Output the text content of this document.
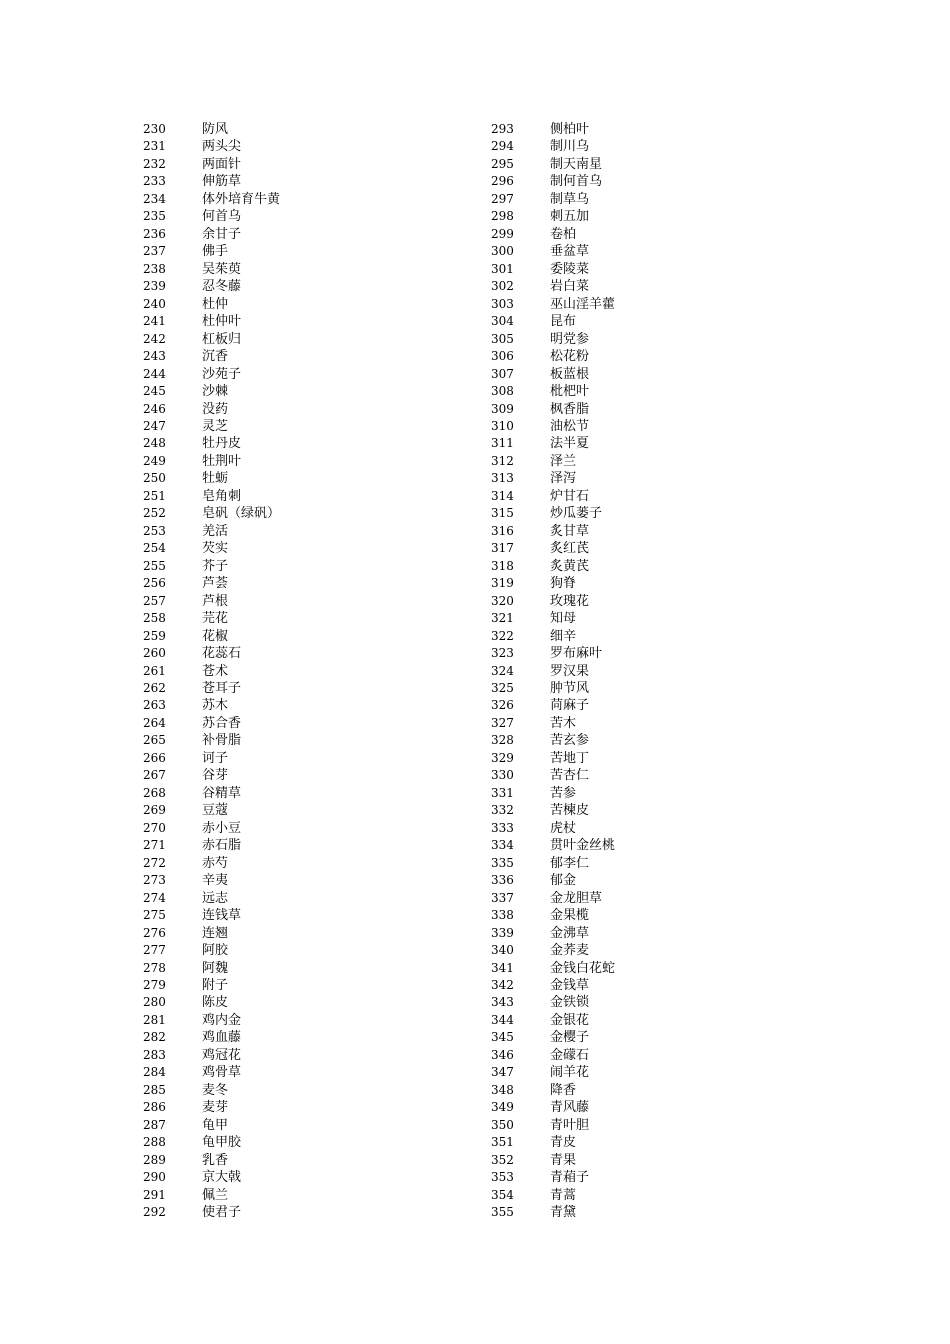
230	防风
231	两头尖
232	两面针
233	伸筋草
234	体外培育牛黄
235	何首乌
236	余甘子
237	佛手
238	吴茱萸
239	忍冬藤
240	杜仲
241	杜仲叶
242	杠板归
243	沉香
244	沙苑子
245	沙棘
246	没药
247	灵芝
248	牡丹皮
249	牡荆叶
250	牡蛎
251	皂角刺
252	皂矾（绿矾）
253	羌活
254	芡实
255	芥子
256	芦荟
257	芦根
258	芫花
259	花椒
260	花蕊石
261	苍术
262	苍耳子
263	苏木
264	苏合香
265	补骨脂
266	诃子
267	谷芽
268	谷精草
269	豆蔻
270	赤小豆
271	赤石脂
272	赤芍
273	辛夷
274	远志
275	连钱草
276	连翘
277	阿胶
278	阿魏
279	附子
280	陈皮
281	鸡内金
282	鸡血藤
283	鸡冠花
284	鸡骨草
285	麦冬
286	麦芽
287	龟甲
288	龟甲胶
289	乳香
290	京大戟
291	佩兰
292	使君子
293	侧柏叶
294	制川乌
295	制天南星
296	制何首乌
297	制草乌
298	刺五加
299	卷柏
300	垂盆草
301	委陵菜
302	岩白菜
303	巫山淫羊藿
304	昆布
305	明党参
306	松花粉
307	板蓝根
308	枇杷叶
309	枫香脂
310	油松节
311	法半夏
312	泽兰
313	泽泻
314	炉甘石
315	炒瓜蒌子
316	炙甘草
317	炙红芪
318	炙黄芪
319	狗脊
320	玫瑰花
321	知母
322	细辛
323	罗布麻叶
324	罗汉果
325	肿节风
326	苘麻子
327	苦木
328	苦玄参
329	苦地丁
330	苦杏仁
331	苦参
332	苦楝皮
333	虎杖
334	贯叶金丝桃
335	郁李仁
336	郁金
337	金龙胆草
338	金果榄
339	金沸草
340	金荞麦
341	金钱白花蛇
342	金钱草
343	金铁锁
344	金银花
345	金樱子
346	金礞石
347	闹羊花
348	降香
349	青风藤
350	青叶胆
351	青皮
352	青果
353	青葙子
354	青蒿
355	青黛
